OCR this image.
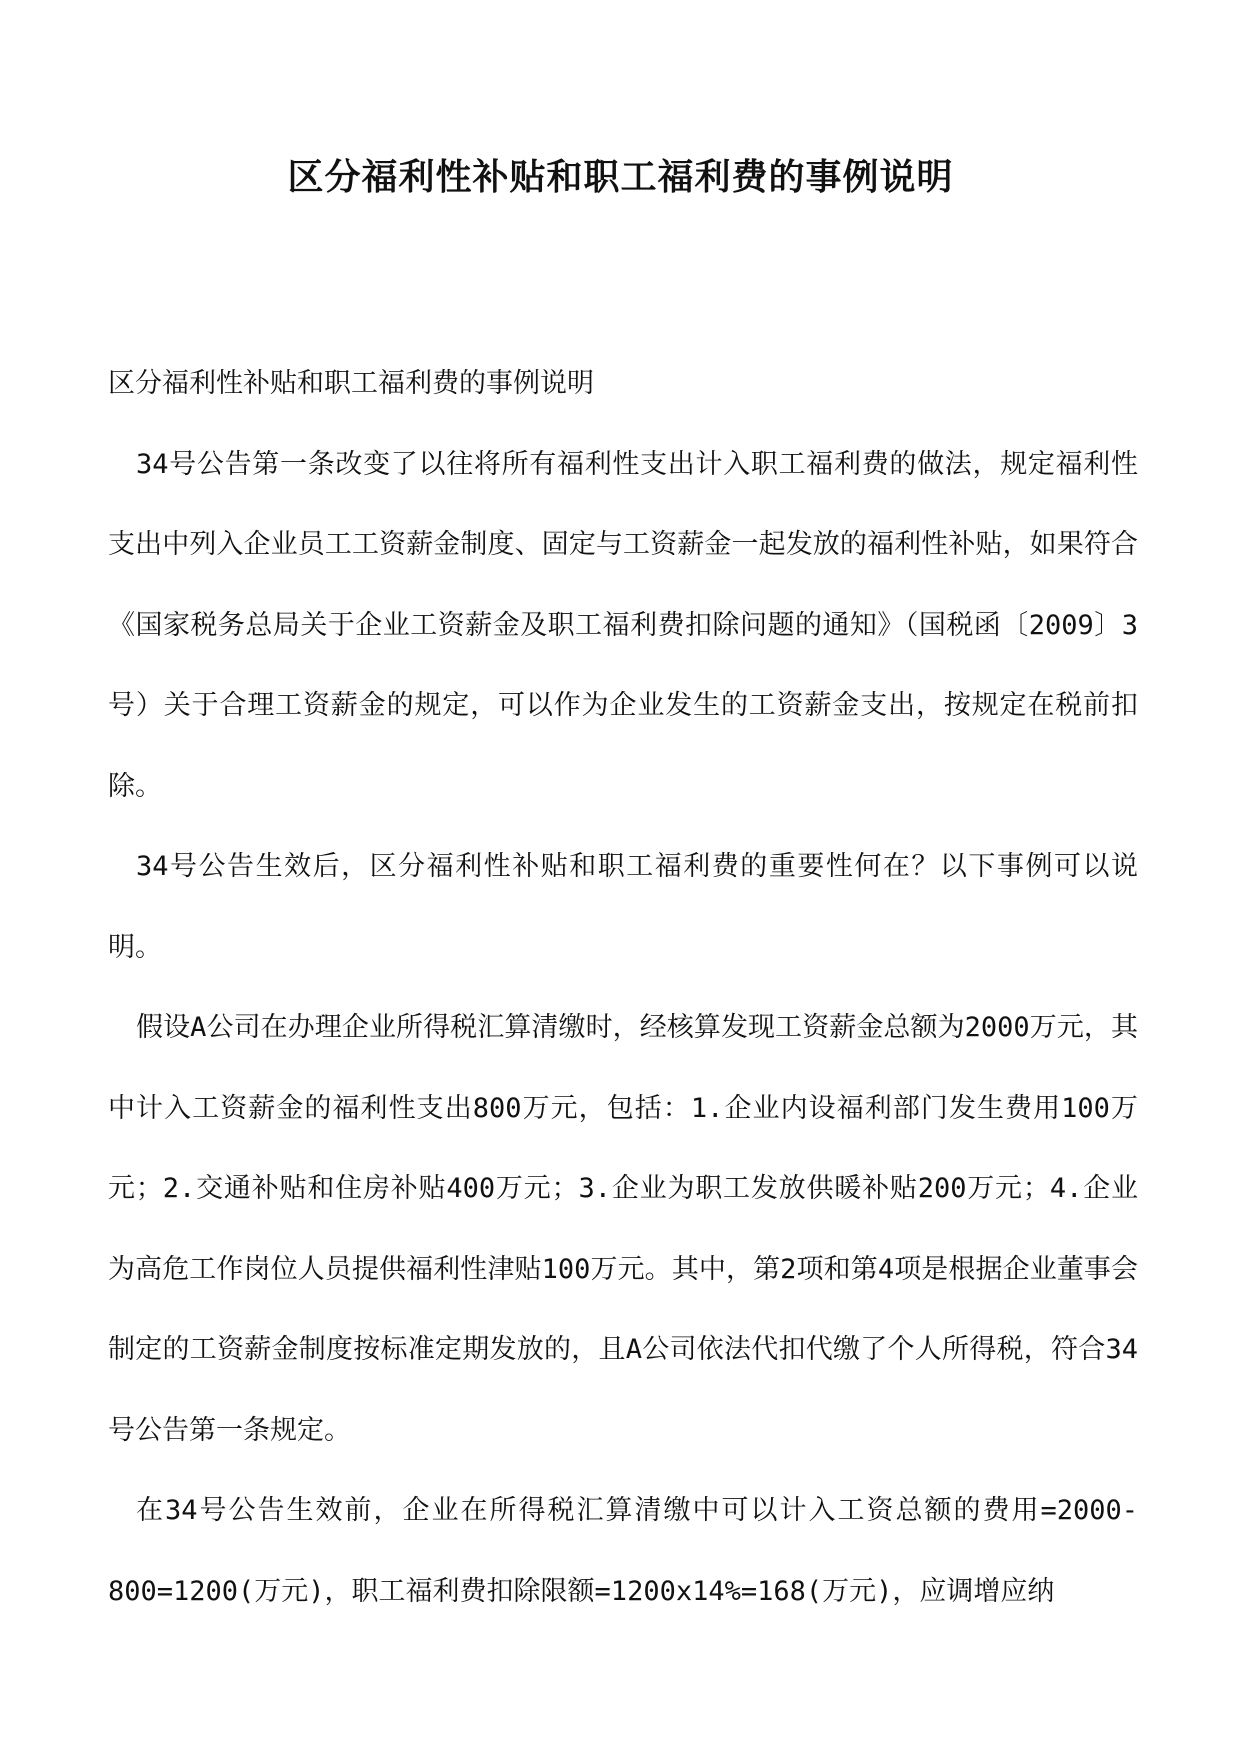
区分福利性补贴和职工福利费的事例说明

区分福利性补贴和职工福利费的事例说明

34号公告第一条改变了以往将所有福利性支出计入职工福利费的做法，规定福利性支出中列入企业员工工资薪金制度、固定与工资薪金一起发放的福利性补贴，如果符合《国家税务总局关于企业工资薪金及职工福利费扣除问题的通知》（国税函〔2009〕3号）关于合理工资薪金的规定，可以作为企业发生的工资薪金支出，按规定在税前扣除。

34号公告生效后，区分福利性补贴和职工福利费的重要性何在？以下事例可以说明。

假设A公司在办理企业所得税汇算清缴时，经核算发现工资薪金总额为2000万元，其中计入工资薪金的福利性支出800万元，包括：1.企业内设福利部门发生费用100万元；2.交通补贴和住房补贴400万元；3.企业为职工发放供暖补贴200万元；4.企业为高危工作岗位人员提供福利性津贴100万元。其中，第2项和第4项是根据企业董事会制定的工资薪金制度按标准定期发放的，且A公司依法代扣代缴了个人所得税，符合34号公告第一条规定。

在34号公告生效前，企业在所得税汇算清缴中可以计入工资总额的费用=2000-800=1200(万元)，职工福利费扣除限额=1200x14%=168(万元)，应调增应纳
